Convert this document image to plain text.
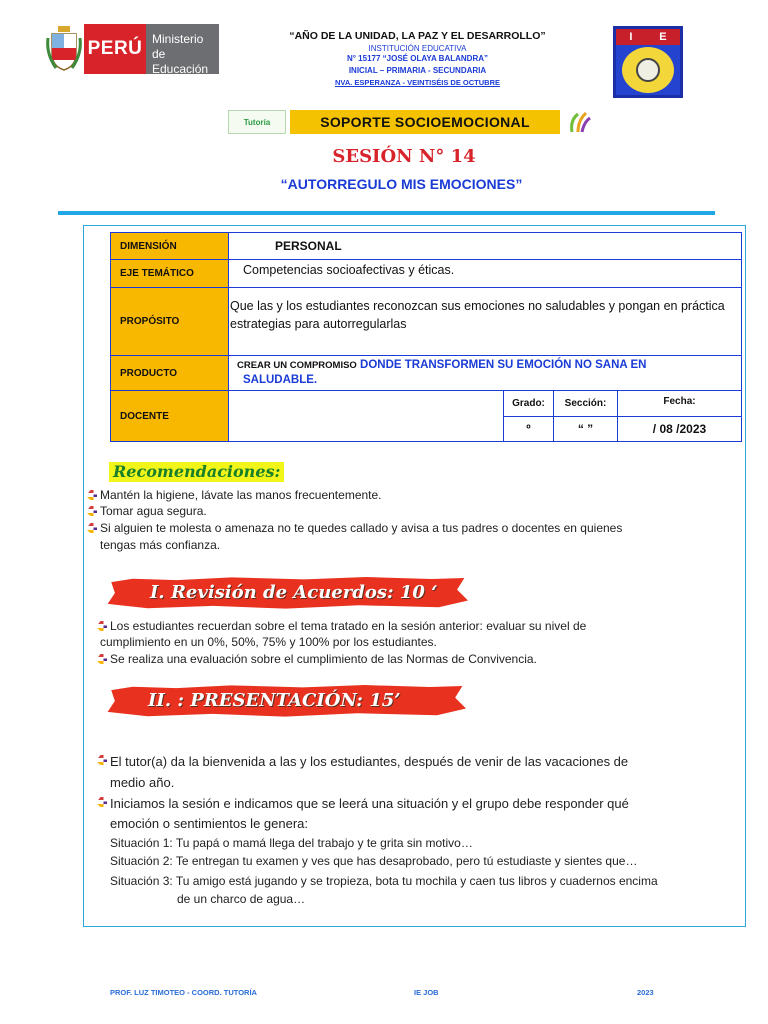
PERÚ Ministerio
de Educación
“AÑO DE LA UNIDAD, LA PAZ Y EL DESARROLLO”
INSTITUCIÓN EDUCATIVA
N° 15177 “JOSÉ OLAYA BALANDRA”
INICIAL – PRIMARIA - SECUNDARIA
NVA. ESPERANZA - VEINTISÉIS DE OCTUBRE
I E
Tutoría	SOPORTE SOCIOEMOCIONAL
SESIÓN N° 14
“AUTORREGULO MIS EMOCIONES”
DIMENSIÓN	PERSONAL			
EJE TEMÁTICO	Competencias socioafectivas y éticas.			
PROPÓSITO	Que las y los estudiantes reconozcan sus emociones no saludables y pongan en práctica estrategias para autorregularlas			
PRODUCTO	CREAR UN COMPROMISO DONDE TRANSFORMEN SU EMOCIÓN NO SANA EN
SALUDABLE.			
DOCENTE		Grado:	Sección:	Fecha:
		º	“ ”	/ 08 /2023
Recomendaciones:
Mantén la higiene, lávate las manos frecuentemente.
Tomar agua segura.
Si alguien te molesta o amenaza no te quedes callado y avisa a tus padres o docentes en quienes
tengas más confianza.
I. Revisión de Acuerdos: 10 ‘
Los estudiantes recuerdan sobre el tema tratado en la sesión anterior: evaluar su nivel de
cumplimiento en un 0%, 50%, 75% y 100% por los estudiantes.
Se realiza una evaluación sobre el cumplimiento de las Normas de Convivencia.
II. : PRESENTACIÓN: 15’
El tutor(a) da la bienvenida a las y los estudiantes, después de venir de las vacaciones de
medio año.
Iniciamos la sesión e indicamos que se leerá una situación y el grupo debe responder qué
emoción o sentimientos le genera:
Situación 1: Tu papá o mamá llega del trabajo y te grita sin motivo…
Situación 2: Te entregan tu examen y ves que has desaprobado, pero tú estudiaste y sientes que…
Situación 3: Tu amigo está jugando y se tropieza, bota tu mochila y caen tus libros y cuadernos encima
de un charco de agua…
PROF. LUZ TIMOTEO - COORD. TUTORÍA	IE JOB	2023
